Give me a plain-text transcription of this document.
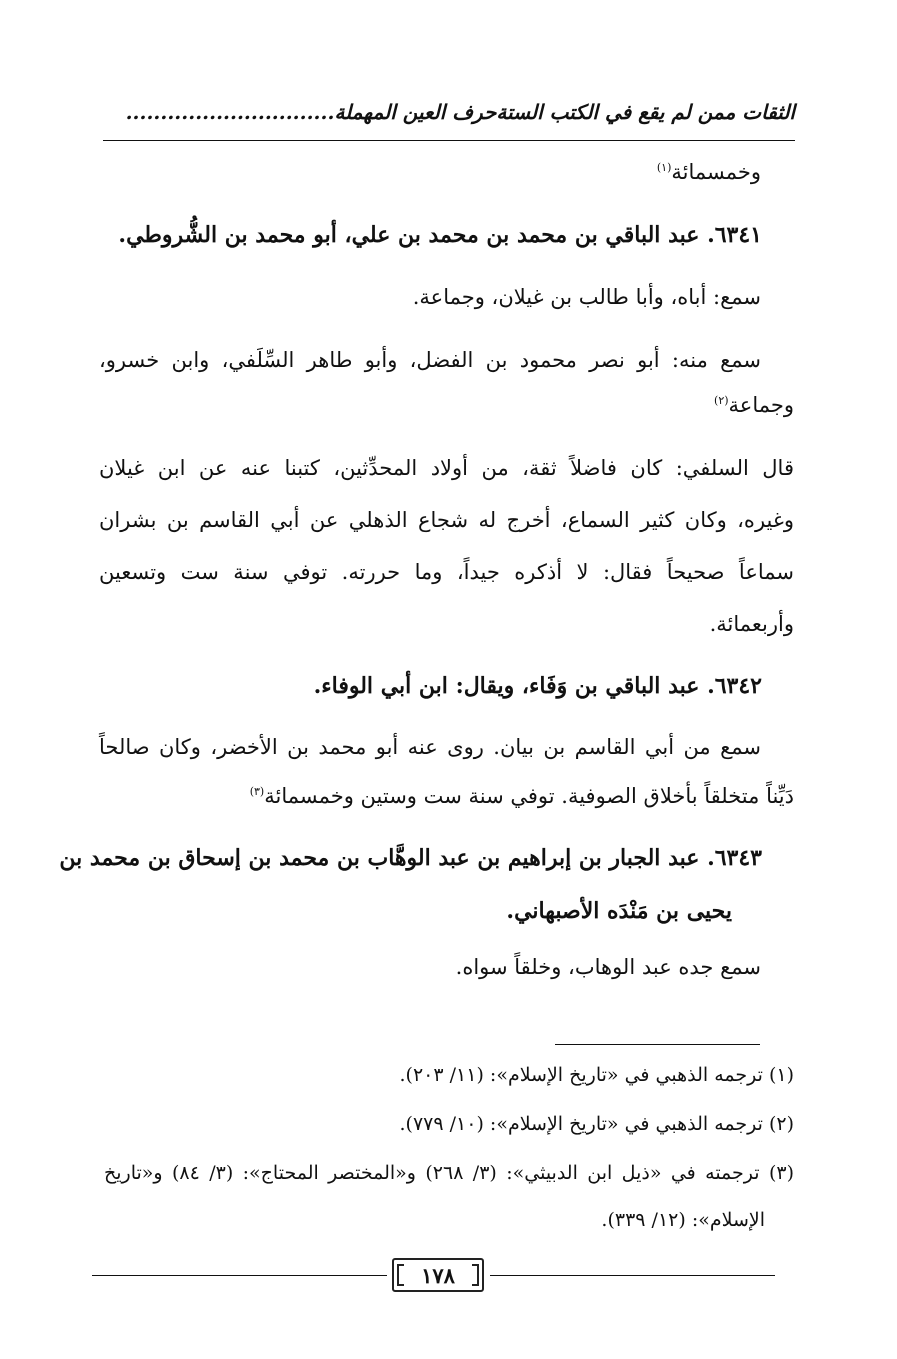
الثقات ممن لم يقع في الكتب الستةحرف العين المهملة..............................
وخمسمائة$^{(١)}$
٦٣٤١. عبد الباقي بن محمد بن محمد بن علي، أبو محمد بن الشُّروطي.
سمع: أباه، وأبا طالب بن غيلان، وجماعة.
سمع منه: أبو نصر محمود بن الفضل، وأبو طاهر السِّلَفي، وابن خسرو،
وجماعة$^{(٢)}$
قال السلفي: كان فاضلاً ثقة، من أولاد المحدِّثين، كتبنا عنه عن ابن غيلان
وغيره، وكان كثير السماع، أخرج له شجاع الذهلي عن أبي القاسم بن بشران
سماعاً صحيحاً فقال: لا أذكره جيداً، وما حررته. توفي سنة ست وتسعين
وأربعمائة.
٦٣٤٢. عبد الباقي بن وَفَاء، ويقال: ابن أبي الوفاء.
سمع من أبي القاسم بن بيان. روى عنه أبو محمد بن الأخضر، وكان صالحاً
دَيِّناً متخلقاً بأخلاق الصوفية. توفي سنة ست وستين وخمسمائة$^{(٣)}$
٦٣٤٣. عبد الجبار بن إبراهيم بن عبد الوهَّاب بن محمد بن إسحاق بن محمد بن
يحيى بن مَنْدَه الأصبهاني.
سمع جده عبد الوهاب، وخلقاً سواه.
(١) ترجمه الذهبي في «تاريخ الإسلام»: (١١/ ٢٠٣).
(٢) ترجمه الذهبي في «تاريخ الإسلام»: (١٠/ ٧٧٩).
(٣) ترجمته في «ذيل ابن الدبيثي»: (٣/ ٢٦٨) و«المختصر المحتاج»: (٣/ ٨٤) و«تاريخ
الإسلام»: (١٢/ ٣٣٩).
١٧٨
